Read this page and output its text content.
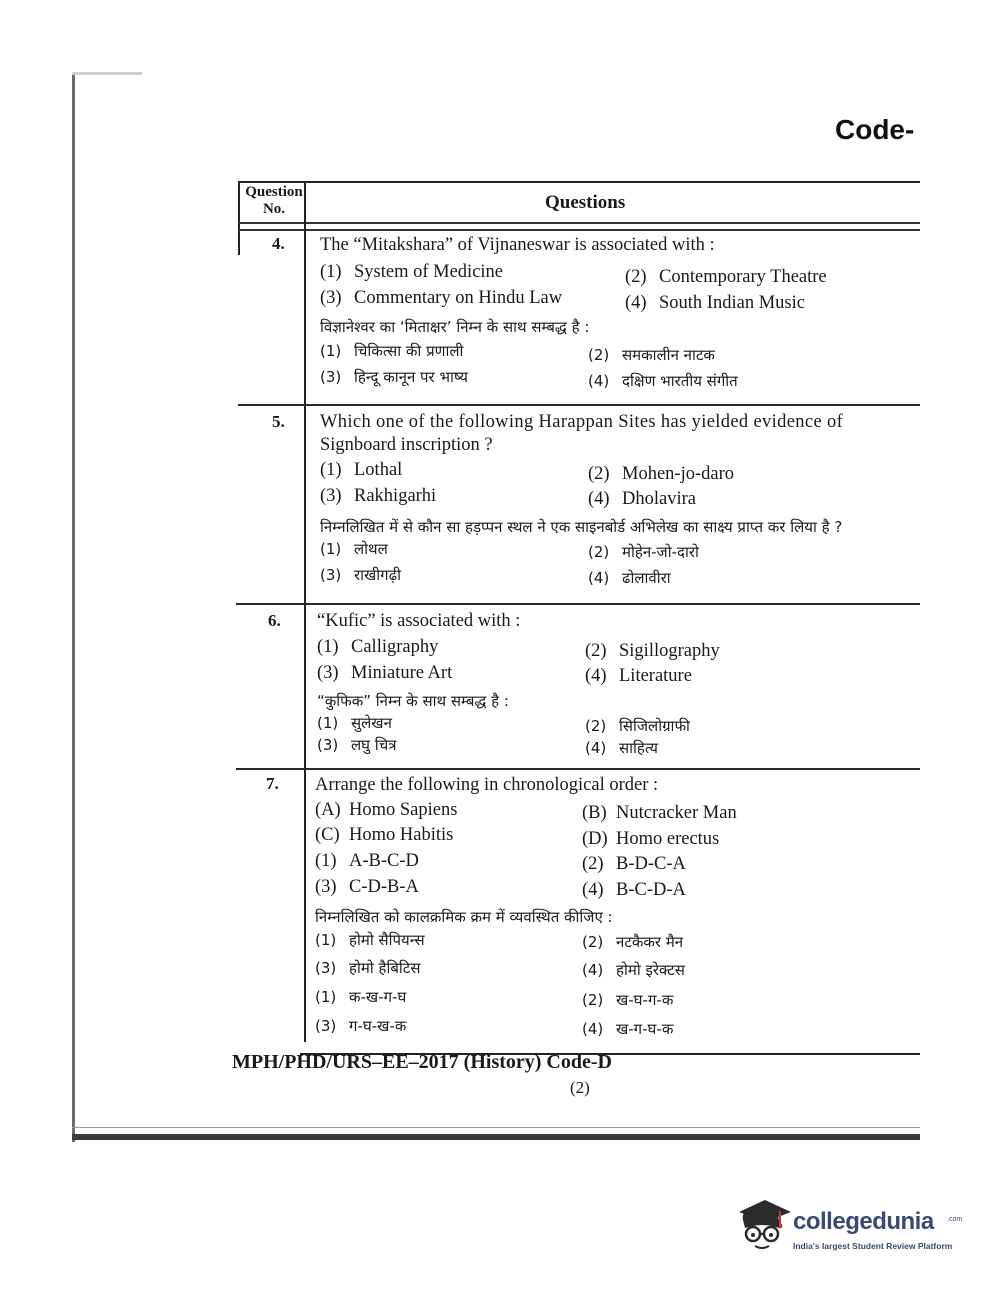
Code-
Question No.	Questions
4. The “Mitakshara” of Vijnaneswar is associated with :
(1) System of Medicine	(2) Contemporary Theatre
(3) Commentary on Hindu Law	(4) South Indian Music
विज्ञानेश्वर का ‘मिताक्षर’ निम्न के साथ सम्बद्ध है :
(1) चिकित्सा की प्रणाली	(2) समकालीन नाटक
(3) हिन्दू कानून पर भाष्य	(4) दक्षिण भारतीय संगीत
5. Which one of the following Harappan Sites has yielded evidence of
Signboard inscription ?
(1) Lothal	(2) Mohen-jo-daro
(3) Rakhigarhi	(4) Dholavira
निम्नलिखित में से कौन सा हड़प्पन स्थल ने एक साइनबोर्ड अभिलेख का साक्ष्य प्राप्त कर लिया है ?
(1) लोथल	(2) मोहेन-जो-दारो
(3) राखीगढ़ी	(4) ढोलावीरा
6. “Kufic” is associated with :
(1) Calligraphy	(2) Sigillography
(3) Miniature Art	(4) Literature
“कुफिक” निम्न के साथ सम्बद्ध है :
(1) सुलेखन	(2) सिजिलोग्राफी
(3) लघु चित्र	(4) साहित्य
7. Arrange the following in chronological order :
(A) Homo Sapiens	(B) Nutcracker Man
(C) Homo Habitis	(D) Homo erectus
(1) A-B-C-D	(2) B-D-C-A
(3) C-D-B-A	(4) B-C-D-A
निम्नलिखित को कालक्रमिक क्रम में व्यवस्थित कीजिए :
(1) होमो सैपियन्स	(2) नटकैकर मैन
(3) होमो हैबिटिस	(4) होमो इरेक्टस
(1) क-ख-ग-घ	(2) ख-घ-ग-क
(3) ग-घ-ख-क	(4) ख-ग-घ-क
MPH/PHD/URS–EE–2017 (History) Code-D
(2)
collegedunia .com
India's largest Student Review Platform
